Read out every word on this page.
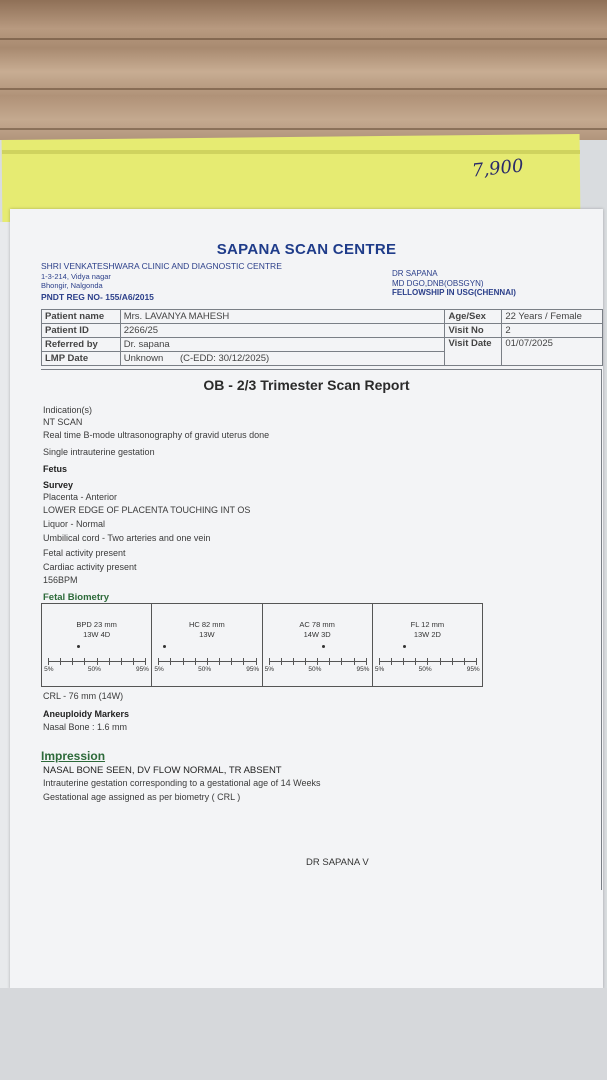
7,900
SAPANA SCAN CENTRE
SHRI VENKATESHWARA CLINIC AND DIAGNOSTIC CENTRE
1-3-214, Vidya nagar
Bhongir, Nalgonda
PNDT REG NO- 155/A6/2015
DR SAPANA
MD DGO,DNB(OBSGYN)
FELLOWSHIP IN USG(CHENNAI)
Patient name	Mrs. LAVANYA MAHESH	Age/Sex	22 Years / Female
Patient ID	2266/25	Visit No	2
Referred by	Dr. sapana	Visit Date	01/07/2025
LMP Date	Unknown (C-EDD: 30/12/2025)		
OB - 2/3 Trimester Scan Report
Indication(s)
NT SCAN
Real time B-mode ultrasonography of gravid uterus done
Single intrauterine gestation
Fetus
Survey
Placenta - Anterior
LOWER EDGE OF PLACENTA TOUCHING INT OS
Liquor - Normal
Umbilical cord - Two arteries and one vein
Fetal activity present
Cardiac activity present
156BPM
Fetal Biometry
BPD 23 mm
13W 4D
5%	50%	95%
HC 82 mm
13W
5%	50%	95%
AC 78 mm
14W 3D
5%	50%	95%
FL 12 mm
13W 2D
5%	50%	95%
CRL - 76 mm (14W)
Aneuploidy Markers
Nasal Bone : 1.6 mm
Impression
NASAL BONE SEEN, DV FLOW NORMAL, TR ABSENT
Intrauterine gestation corresponding to a gestational age of 14 Weeks
Gestational age assigned as per biometry ( CRL )
DR SAPANA V
